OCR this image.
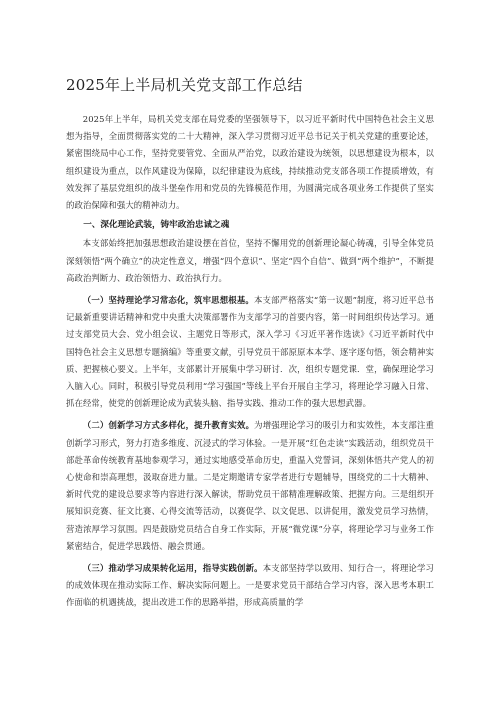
2025年上半局机关党支部工作总结

2025年上半年，局机关党支部在局党委的坚强领导下，以习近平新时代中国特色社会主义思想为指导，全面贯彻落实党的二十大精神，深入学习贯彻习近平总书记关于机关党建的重要论述，紧密围绕局中心工作，坚持党要管党、全面从严治党，以政治建设为统领，以思想建设为根本，以组织建设为重点，以作风建设为保障，以纪律建设为底线，持续推动党支部各项工作提质增效，有效发挥了基层党组织的战斗堡垒作用和党员的先锋模范作用，为圆满完成各项业务工作提供了坚实的政治保障和强大的精神动力。

一、深化理论武装，铸牢政治忠诚之魂

本支部始终把加强思想政治建设摆在首位，坚持不懈用党的创新理论凝心铸魂，引导全体党员深刻领悟“两个确立”的决定性意义，增强“四个意识”、坚定“四个自信”、做到“两个维护”，不断提高政治判断力、政治领悟力、政治执行力。

（一）坚持理论学习常态化，筑牢思想根基。本支部严格落实“第一议题”制度，将习近平总书记最新重要讲话精神和党中央重大决策部署作为支部学习的首要内容，第一时间组织传达学习。通过支部党员大会、党小组会议、主题党日等形式，深入学习《习近平著作选读》《习近平新时代中国特色社会主义思想专题摘编》等重要文献，引导党员干部原原本本学、逐字逐句悟，领会精神实质、把握核心要义。上半年，支部累计开展集中学习研讨．次，组织专题党课．堂，确保理论学习入脑入心。同时，积极引导党员利用“学习强国”等线上平台开展自主学习，将理论学习融入日常、抓在经常，使党的创新理论成为武装头脑、指导实践、推动工作的强大思想武器。

（二）创新学习方式多样化，提升教育实效。为增强理论学习的吸引力和实效性，本支部注重创新学习形式，努力打造多维度、沉浸式的学习体验。一是开展“红色走读”实践活动，组织党员干部赴革命传统教育基地参观学习，通过实地感受革命历史，重温入党誓词，深刻体悟共产党人的初心使命和崇高理想，汲取奋进力量。二是定期邀请专家学者进行专题辅导，围绕党的二十大精神、新时代党的建设总要求等内容进行深入解读，帮助党员干部精准理解政策、把握方向。三是组织开展知识竞赛、征文比赛、心得交流等活动，以赛促学、以文促思、以讲促用，激发党员学习热情，营造浓厚学习氛围。四是鼓励党员结合自身工作实际，开展“微党课”分享，将理论学习与业务工作紧密结合，促进学思践悟、融会贯通。

（三）推动学习成果转化运用，指导实践创新。本支部坚持学以致用、知行合一，将理论学习的成效体现在推动实际工作、解决实际问题上。一是要求党员干部结合学习内容，深入思考本职工作面临的机遇挑战，提出改进工作的思路举措，形成高质量的学
